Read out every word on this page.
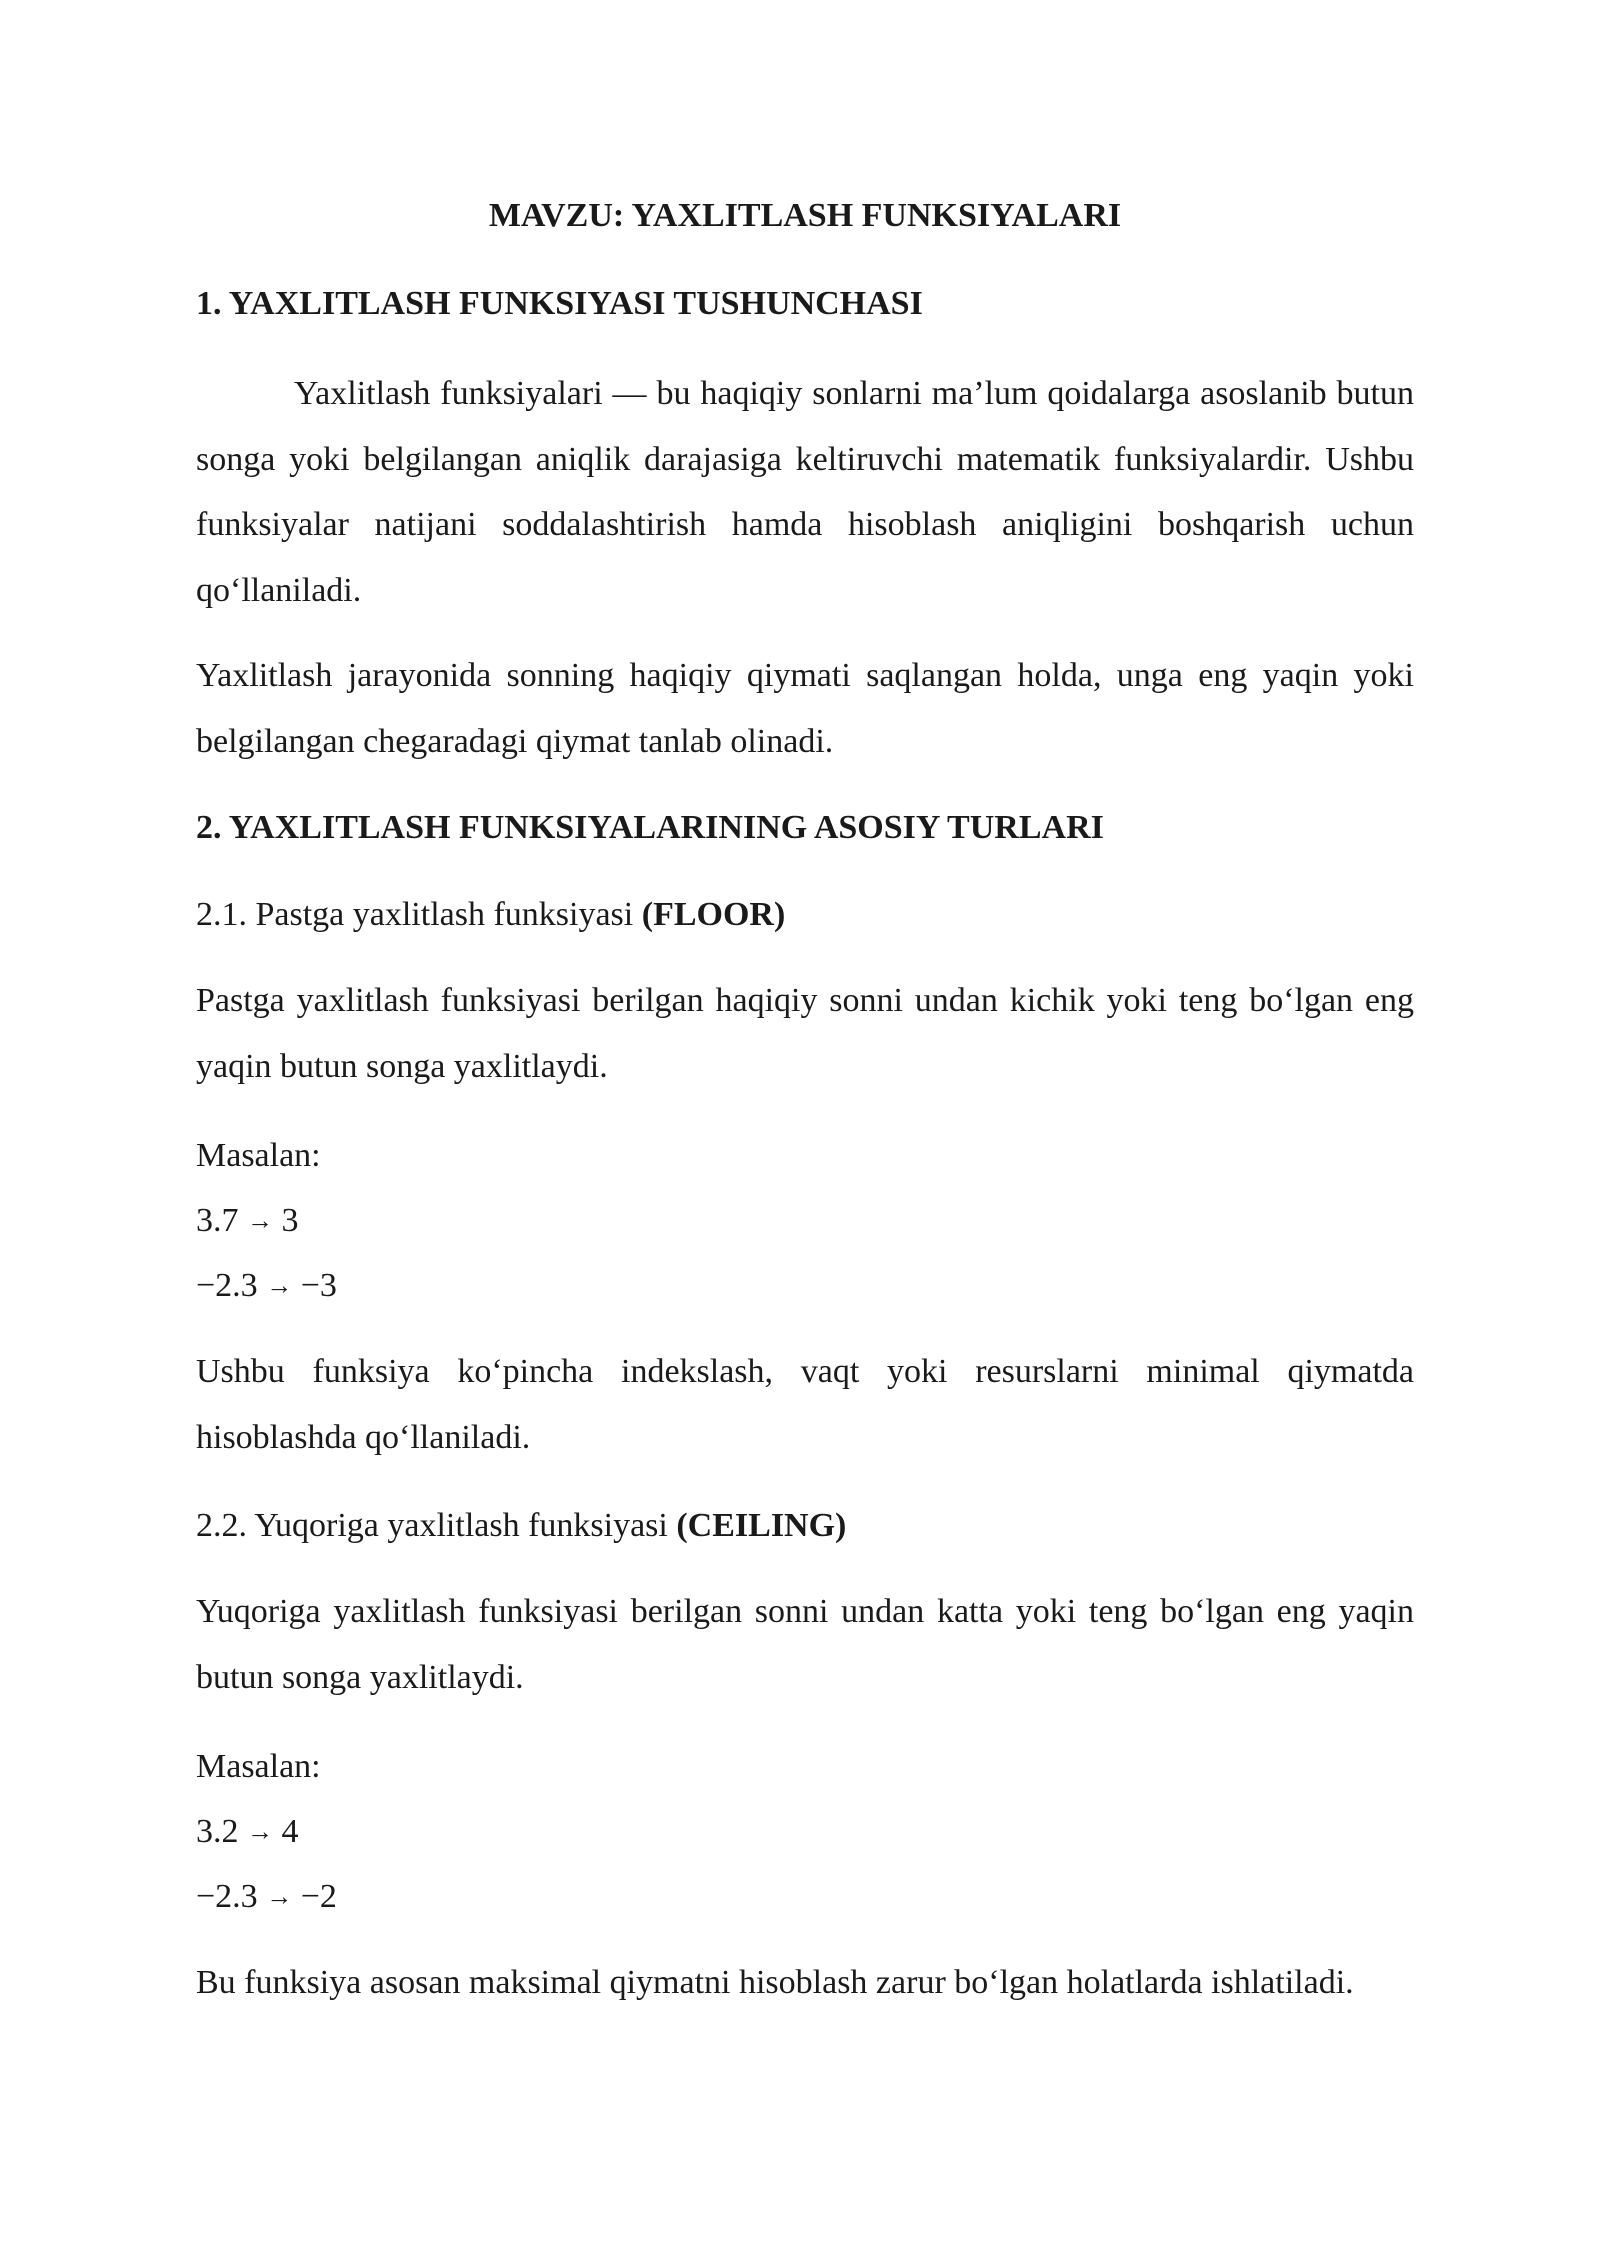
MAVZU: YAXLITLASH FUNKSIYALARI
1. YAXLITLASH FUNKSIYASI TUSHUNCHASI

Yaxlitlash funksiyalari — bu haqiqiy sonlarni ma’lum qoidalarga asoslanib butun songa yoki belgilangan aniqlik darajasiga keltiruvchi matematik funksiyalardir. Ushbu funksiyalar natijani soddalashtirish hamda hisoblash aniqligini boshqarish uchun qo‘llaniladi.

Yaxlitlash jarayonida sonning haqiqiy qiymati saqlangan holda, unga eng yaqin yoki belgilangan chegaradagi qiymat tanlab olinadi.

2. YAXLITLASH FUNKSIYALARINING ASOSIY TURLARI
2.1. Pastga yaxlitlash funksiyasi (FLOOR)

Pastga yaxlitlash funksiyasi berilgan haqiqiy sonni undan kichik yoki teng bo‘lgan eng yaqin butun songa yaxlitlaydi.

Masalan:
3.7 → 3
−2.3 → −3

Ushbu funksiya ko‘pincha indekslash, vaqt yoki resurslarni minimal qiymatda hisoblashda qo‘llaniladi.

2.2. Yuqoriga yaxlitlash funksiyasi (CEILING)

Yuqoriga yaxlitlash funksiyasi berilgan sonni undan katta yoki teng bo‘lgan eng yaqin butun songa yaxlitlaydi.

Masalan:
3.2 → 4
−2.3 → −2

Bu funksiya asosan maksimal qiymatni hisoblash zarur bo‘lgan holatlarda ishlatiladi.
